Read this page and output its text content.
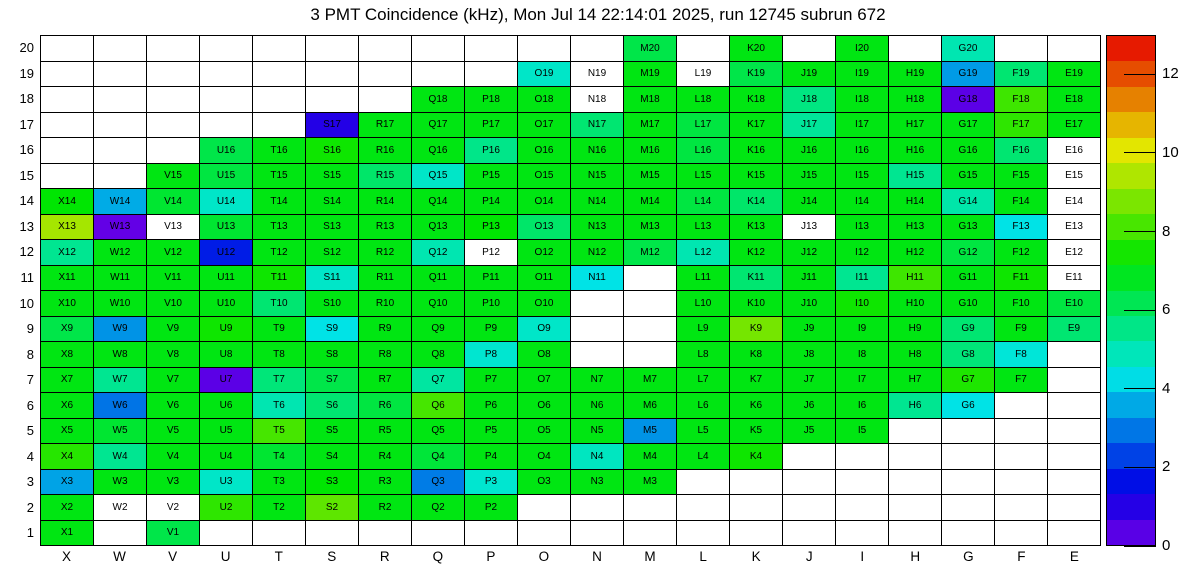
3 PMT Coincidence (kHz), Mon Jul 14 22:14:01 2025, run 12745 subrun 672
M20	K20	I20	G20
O19	N19	M19	L19	K19	J19	I19	H19	G19	F19	E19
Q18	P18	O18	N18	M18	L18	K18	J18	I18	H18	G18	F18	E18
S17	R17	Q17	P17	O17	N17	M17	L17	K17	J17	I17	H17	G17	F17	E17
U16	T16	S16	R16	Q16	P16	O16	N16	M16	L16	K16	J16	I16	H16	G16	F16	E16
V15	U15	T15	S15	R15	Q15	P15	O15	N15	M15	L15	K15	J15	I15	H15	G15	F15	E15
X14	W14	V14	U14	T14	S14	R14	Q14	P14	O14	N14	M14	L14	K14	J14	I14	H14	G14	F14	E14
X13	W13	V13	U13	T13	S13	R13	Q13	P13	O13	N13	M13	L13	K13	J13	I13	H13	G13	F13	E13
X12	W12	V12	U12	T12	S12	R12	Q12	P12	O12	N12	M12	L12	K12	J12	I12	H12	G12	F12	E12
X11	W11	V11	U11	T11	S11	R11	Q11	P11	O11	N11	L11	K11	J11	I11	H11	G11	F11	E11
X10	W10	V10	U10	T10	S10	R10	Q10	P10	O10	L10	K10	J10	I10	H10	G10	F10	E10
X9	W9	V9	U9	T9	S9	R9	Q9	P9	O9	L9	K9	J9	I9	H9	G9	F9	E9
X8	W8	V8	U8	T8	S8	R8	Q8	P8	O8	L8	K8	J8	I8	H8	G8	F8
X7	W7	V7	U7	T7	S7	R7	Q7	P7	O7	N7	M7	L7	K7	J7	I7	H7	G7	F7
X6	W6	V6	U6	T6	S6	R6	Q6	P6	O6	N6	M6	L6	K6	J6	I6	H6	G6
X5	W5	V5	U5	T5	S5	R5	Q5	P5	O5	N5	M5	L5	K5	J5	I5
X4	W4	V4	U4	T4	S4	R4	Q4	P4	O4	N4	M4	L4	K4
X3	W3	V3	U3	T3	S3	R3	Q3	P3	O3	N3	M3
X2	W2	V2	U2	T2	S2	R2	Q2	P2
X1	V1
20
19
18
17
16
15
14
13
12
11
10
9
8
7
6
5
4
3
2
1
X	W	V	U	T	S	R	Q	P	O	N	M	L	K	J	I	H	G	F	E
12
10
8
6
4
2
0
